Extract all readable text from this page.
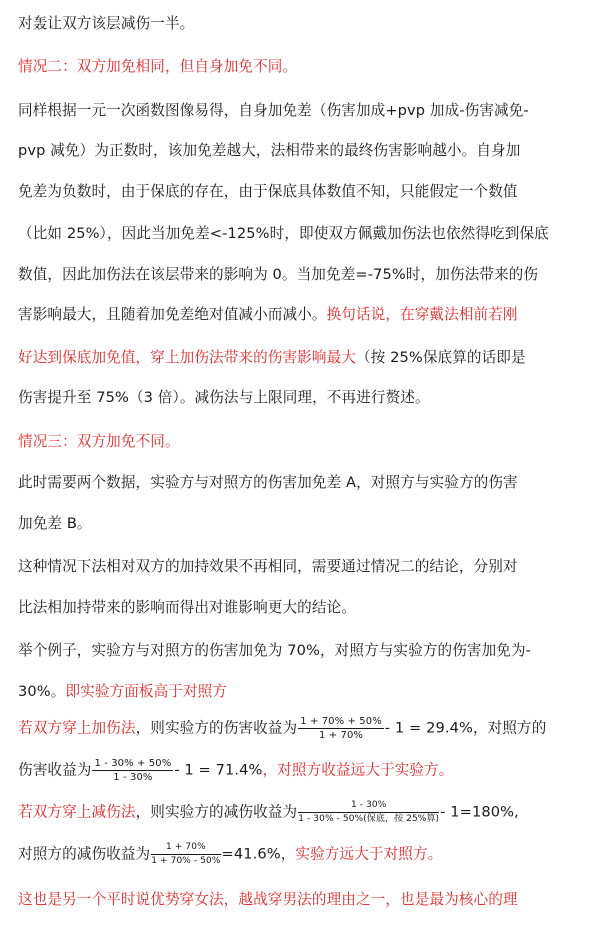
对轰让双方该层减伤一半。
情况二：双方加免相同，但自身加免不同。
同样根据一元一次函数图像易得，自身加免差（伤害加成+pvp 加成-伤害减免-
pvp 减免）为正数时，该加免差越大，法相带来的最终伤害影响越小。自身加
免差为负数时，由于保底的存在，由于保底具体数值不知，只能假定一个数值
（比如 25%），因此当加免差<-125%时，即使双方佩戴加伤法也依然得吃到保底
数值，因此加伤法在该层带来的影响为 0。当加免差=-75%时，加伤法带来的伤
害影响最大，且随着加免差绝对值减小而减小。换句话说，在穿戴法相前若刚
好达到保底加免值，穿上加伤法带来的伤害影响最大（按 25%保底算的话即是
伤害提升至 75%（3 倍）。减伤法与上限同理，不再进行赘述。
情况三：双方加免不同。
此时需要两个数据，实验方与对照方的伤害加免差 A，对照方与实验方的伤害
加免差 B。
这种情况下法相对双方的加持效果不再相同，需要通过情况二的结论，分别对
比法相加持带来的影响而得出对谁影响更大的结论。
举个例子，实验方与对照方的伤害加免为 70%，对照方与实验方的伤害加免为-
30%。即实验方面板高于对照方
若双方穿上加伤法，则实验方的伤害收益为 $\frac{1 + 70\% + 50\%}{1 + 70\%} - 1 = 29.4\%$，对照方的
伤害收益为 $\frac{1 - 30\% + 50\%}{1 - 30\%} - 1 = 71.4\%$，对照方收益远大于实验方。
若双方穿上减伤法，则实验方的减伤收益为 $\frac{1 - 30\%}{\text{1 - 30\% - 50\%(保底，按 25\%算)}} - 1=180\%$,
对照方的减伤收益为 $\frac{1 + 70\%}{1 + 70\% - 50\%} =41.6\%$，实验方远大于对照方。
这也是另一个平时说优势穿女法，越战穿男法的理由之一，也是最为核心的理
